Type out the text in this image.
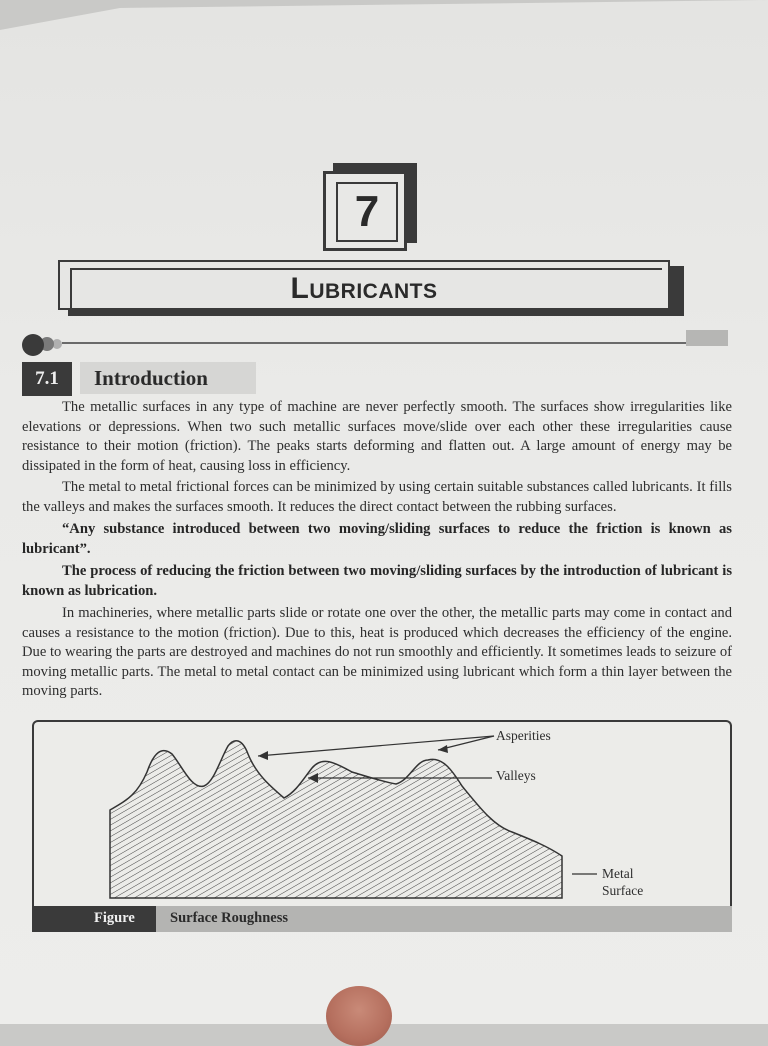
7
Lubricants
7.1	Introduction

The metallic surfaces in any type of machine are never perfectly smooth. The surfaces show irregularities like elevations or depressions. When two such metallic surfaces move/slide over each other these irregularities cause resistance to their motion (friction). The peaks starts deforming and flatten out. A large amount of energy may be dissipated in the form of heat, causing loss in efficiency.

The metal to metal frictional forces can be minimized by using certain suitable substances called lubricants. It fills the valleys and makes the surfaces smooth. It reduces the direct contact between the rubbing surfaces.

“Any substance introduced between two moving/sliding surfaces to reduce the friction is known as lubricant”.

The process of reducing the friction between two moving/sliding surfaces by the introduction of lubricant is known as lubrication.

In machineries, where metallic parts slide or rotate one over the other, the metallic parts may come in contact and causes a resistance to the motion (friction). Due to this, heat is produced which decreases the efficiency of the engine. Due to wearing the parts are destroyed and machines do not run smoothly and efficiently. It sometimes leads to seizure of moving metallic parts. The metal to metal contact can be minimized using lubricant which form a thin layer between the moving parts.

Asperities
Valleys
Metal
Surface
Figure Surface Roughness
